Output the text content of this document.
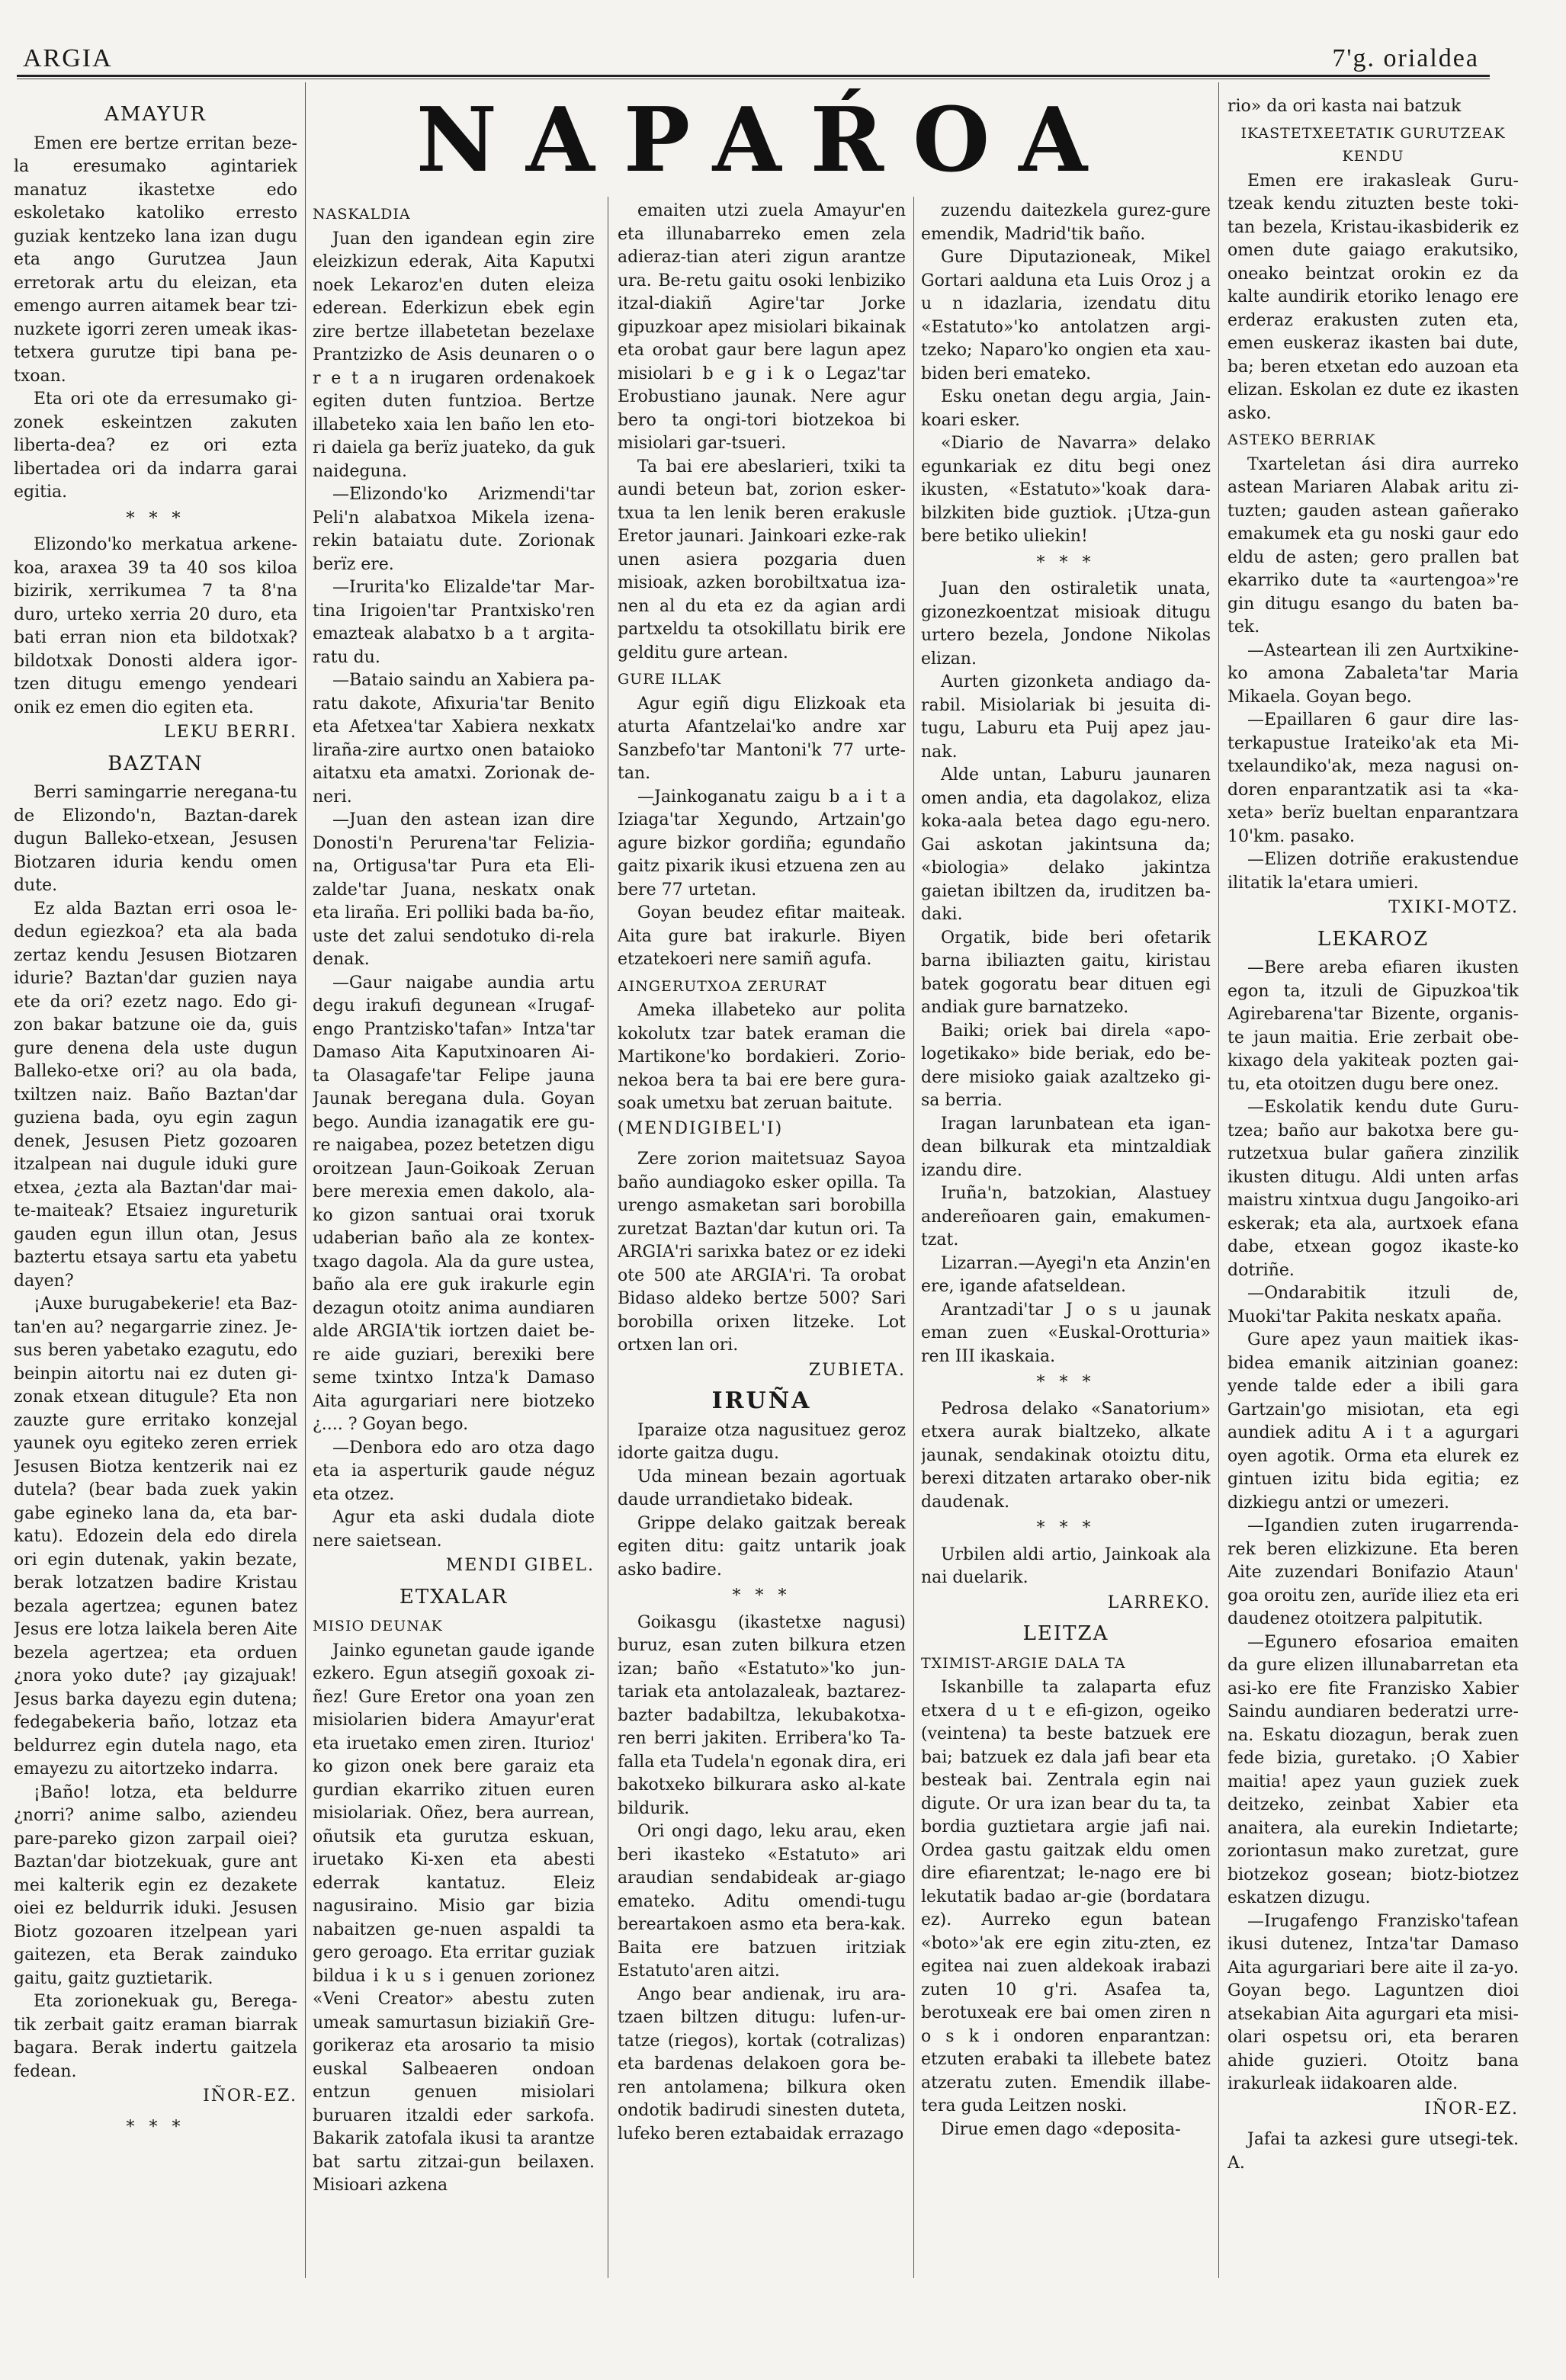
ARGIA	7'g. orialdea
NAPAŔOA
AMAYUR

Emen ere bertze erritan beze-la eresumako agintariek manatuz ikastetxe edo eskoletako katoliko erresto guziak kentzeko lana izan dugu eta ango Gurutzea Jaun erretorak artu du eleizan, eta emengo aurren aitamek bear tzi-nuzkete igorri zeren umeak ikas-tetxera gurutze tipi bana pe-txoan.

Eta ori ote da erresumako gi-zonek eskeintzen zakuten liberta-dea? ez ori ezta libertadea ori da indarra garai egitia.

* * *

Elizondo'ko merkatua arkene-koa, araxea 39 ta 40 sos kiloa bizirik, xerrikumea 7 ta 8'na duro, urteko xerria 20 duro, eta bati erran nion eta bildotxak? bildotxak Donosti aldera igor-tzen ditugu emengo yendeari onik ez emen dio egiten eta.

LEKU BERRI.

BAZTAN

Berri samingarrie neregana-tu de Elizondo'n, Baztan-darek dugun Balleko-etxean, Jesusen Biotzaren iduria kendu omen dute.

Ez alda Baztan erri osoa le-dedun egiezkoa? eta ala bada zertaz kendu Jesusen Biotzaren idurie? Baztan'dar guzien naya ete da ori? ezetz nago. Edo gi-zon bakar batzune oie da, guis gure denena dela uste dugun Balleko-etxe ori? au ola bada, txiltzen naiz. Baño Baztan'dar guziena bada, oyu egin zagun denek, Jesusen Pietz gozoaren itzalpean nai dugule iduki gure etxea, ¿ezta ala Baztan'dar mai-te-maiteak? Etsaiez ingureturik gauden egun illun otan, Jesus baztertu etsaya sartu eta yabetu dayen?

¡Auxe burugabekerie! eta Baz-tan'en au? negargarrie zinez. Je-sus beren yabetako ezagutu, edo beinpin aitortu nai ez duten gi-zonak etxean ditugule? Eta non zauzte gure erritako konzejal yaunek oyu egiteko zeren erriek Jesusen Biotza kentzerik nai ez dutela? (bear bada zuek yakin gabe egineko lana da, eta bar-katu). Edozein dela edo direla ori egin dutenak, yakin bezate, berak lotzatzen badire Kristau bezala agertzea; egunen batez Jesus ere lotza laikela beren Aite bezela agertzea; eta orduen ¿nora yoko dute? ¡ay gizajuak! Jesus barka dayezu egin dutena; fedegabekeria baño, lotzaz eta beldurrez egin dutela nago, eta emayezu zu aitortzeko indarra.

¡Baño! lotza, eta beldurre ¿norri? anime salbo, aziendeu pare-pareko gizon zarpail oiei? Baztan'dar biotzekuak, gure ant mei kalterik egin ez dezakete oiei ez beldurrik iduki. Jesusen Biotz gozoaren itzelpean yari gaitezen, eta Berak zainduko gaitu, gaitz guztietarik.

Eta zorionekuak gu, Berega-tik zerbait gaitz eraman biarrak bagara. Berak indertu gaitzela fedean.

IÑOR-EZ.

* * *

NASKALDIA

Juan den igandean egin zire eleizkizun ederak, Aita Kaputxi noek Lekaroz'en duten eleiza ederean. Ederkizun ebek egin zire bertze illabetetan bezelaxe Prantzizko de Asis deunaren o o r e t a n irugaren ordenakoek egiten duten funtzioa. Bertze illabeteko xaia len baño len eto-ri daiela ga berïz juateko, da guk naideguna.

—Elizondo'ko Arizmendi'tar Peli'n alabatxoa Mikela izena-rekin bataiatu dute. Zorionak berïz ere.

—Irurita'ko Elizalde'tar Mar-tina Irigoien'tar Prantxisko'ren emazteak alabatxo b a t argita-ratu du.

—Bataio saindu an Xabiera pa-ratu dakote, Afixuria'tar Benito eta Afetxea'tar Xabiera nexkatx liraña-zire aurtxo onen bataioko aitatxu eta amatxi. Zorionak de-neri.

—Juan den astean izan dire Donosti'n Perurena'tar Felizia-na, Ortigusa'tar Pura eta Eli-zalde'tar Juana, neskatx onak eta liraña. Eri polliki bada ba-ño, uste det zalui sendotuko di-rela denak.

—Gaur naigabe aundia artu degu irakufi degunean «Irugaf-engo Prantzisko'tafan» Intza'tar Damaso Aita Kaputxinoaren Ai-ta Olasagafe'tar Felipe jauna Jaunak beregana dula. Goyan bego. Aundia izanagatik ere gu-re naigabea, pozez betetzen digu oroitzean Jaun-Goikoak Zeruan bere merexia emen dakolo, ala-ko gizon santuai orai txoruk udaberian baño ala ze kontex-txago dagola. Ala da gure ustea, baño ala ere guk irakurle egin dezagun otoitz anima aundiaren alde ARGIA'tik iortzen daiet be-re aide guziari, berexiki bere seme txintxo Intza'k Damaso Aita agurgariari nere biotzeko ¿.... ? Goyan bego.

—Denbora edo aro otza dago eta ia asperturik gaude néguz eta otzez.

Agur eta aski dudala diote nere saietsean.

MENDI GIBEL.

ETXALAR
MISIO DEUNAK

Jainko egunetan gaude igande ezkero. Egun atsegiñ goxoak zi-ñez! Gure Eretor ona yoan zen misiolarien bidera Amayur'erat eta iruetako emen ziren. Iturioz' ko gizon onek bere garaiz eta gurdian ekarriko zituen euren misiolariak. Oñez, bera aurrean, oñutsik eta gurutza eskuan, iruetako Ki-xen eta abesti ederrak kantatuz. Eleiz nagusiraino. Misio gar bizia nabaitzen ge-nuen aspaldi ta gero geroago. Eta erritar guziak bildua i k u s i genuen zorionez «Veni Creator» abestu zuten umeak samurtasun biziakiñ Gre-gorikeraz eta arosario ta misio euskal Salbeaeren ondoan entzun genuen misiolari buruaren itzaldi eder sarkofa. Bakarik zatofala ikusi ta arantze bat sartu zitzai-gun beilaxen. Misioari azkena

emaiten utzi zuela Amayur'en eta illunabarreko emen zela adieraz-tian ateri zigun arantze ura. Be-retu gaitu osoki lenbiziko itzal-diakiñ Agire'tar Jorke gipuzkoar apez misiolari bikainak eta orobat gaur bere lagun apez misiolari b e g i k o Legaz'tar Erobustiano jaunak. Nere agur bero ta ongi-tori biotzekoa bi misiolari gar-tsueri.

Ta bai ere abeslarieri, txiki ta aundi beteun bat, zorion esker-txua ta len lenik beren erakusle Eretor jaunari. Jainkoari ezke-rak unen asiera pozgaria duen misioak, azken borobiltxatua iza-nen al du eta ez da agian ardi partxeldu ta otsokillatu birik ere gelditu gure artean.

GURE ILLAK

Agur egiñ digu Elizkoak eta aturta Afantzelai'ko andre xar Sanzbefo'tar Mantoni'k 77 urte-tan.

—Jainkoganatu zaigu b a i t a Iziaga'tar Xegundo, Artzain'go agure bizkor gordiña; egundaño gaitz pixarik ikusi etzuena zen au bere 77 urtetan.

Goyan beudez efitar maiteak. Aita gure bat irakurle. Biyen etzatekoeri nere samiñ agufa.

AINGERUTXOA ZERURAT

Ameka illabeteko aur polita kokolutx tzar batek eraman die Martikone'ko bordakieri. Zorio-nekoa bera ta bai ere bere gura-soak umetxu bat zeruan baitute.

(MENDIGIBEL'I)

Zere zorion maitetsuaz Sayoa baño aundiagoko esker opilla. Ta urengo asmaketan sari borobilla zuretzat Baztan'dar kutun ori. Ta ARGIA'ri sarixka batez or ez ideki ote 500 ate ARGIA'ri. Ta orobat Bidaso aldeko bertze 500? Sari borobilla orixen litzeke. Lot ortxen lan ori.

ZUBIETA.

IRUÑA

Iparaize otza nagusituez geroz idorte gaitza dugu.

Uda minean bezain agortuak daude urrandietako bideak.

Grippe delako gaitzak bereak egiten ditu: gaitz untarik joak asko badire.

* * *

Goikasgu (ikastetxe nagusi) buruz, esan zuten bilkura etzen izan; baño «Estatuto»'ko jun-tariak eta antolazaleak, baztarez-bazter badabiltza, lekubakotxa-ren berri jakiten. Erribera'ko Ta-falla eta Tudela'n egonak dira, eri bakotxeko bilkurara asko al-kate bildurik.

Ori ongi dago, leku arau, eken beri ikasteko «Estatuto» ari araudian sendabideak ar-giago emateko. Aditu omendi-tugu bereartakoen asmo eta bera-kak. Baita ere batzuen iritziak Estatuto'aren aitzi.

Ango bear andienak, iru ara-tzaen biltzen ditugu: lufen-ur-tatze (riegos), kortak (cotralizas) eta bardenas delakoen gora be-ren antolamena; bilkura oken ondotik badirudi sinesten duteta, lufeko beren eztabaidak errazago

zuzendu daitezkela gurez-gure emendik, Madrid'tik baño.

Gure Diputazioneak, Mikel Gortari aalduna eta Luis Oroz j a u n idazlaria, izendatu ditu «Estatuto»'ko antolatzen argi-tzeko; Naparo'ko ongien eta xau-biden beri emateko.

Esku onetan degu argia, Jain-koari esker.

«Diario de Navarra» delako egunkariak ez ditu begi onez ikusten, «Estatuto»'koak dara-bilzkiten bide guztiok. ¡Utza-gun bere betiko uliekin!

* * *

Juan den ostiraletik unata, gizonezkoentzat misioak ditugu urtero bezela, Jondone Nikolas elizan.

Aurten gizonketa andiago da-rabil. Misiolariak bi jesuita di-tugu, Laburu eta Puij apez jau-nak.

Alde untan, Laburu jaunaren omen andia, eta dagolakoz, eliza koka-aala betea dago egu-nero. Gai askotan jakintsuna da; «biologia» delako jakintza gaietan ibiltzen da, iruditzen ba-daki.

Orgatik, bide beri ofetarik barna ibiliazten gaitu, kiristau batek gogoratu bear dituen egi andiak gure barnatzeko.

Baiki; oriek bai direla «apo-logetikako» bide beriak, edo be-dere misioko gaiak azaltzeko gi-sa berria.

Iragan larunbatean eta igan-dean bilkurak eta mintzaldiak izandu dire.

Iruña'n, batzokian, Alastuey andereñoaren gain, emakumen-tzat.

Lizarran.—Ayegi'n eta Anzin'en ere, igande afatseldean.

Arantzadi'tar J o s u jaunak eman zuen «Euskal-Orotturia» ren III ikaskaia.

* * *

Pedrosa delako «Sanatorium» etxera aurak bialtzeko, alkate jaunak, sendakinak otoiztu ditu, berexi ditzaten artarako ober-nik daudenak.

* * *

Urbilen aldi artio, Jainkoak ala nai duelarik.

LARREKO.

LEITZA
TXIMIST-ARGIE DALA TA

Iskanbille ta zalaparta efuz etxera d u t e efi-gizon, ogeiko (veintena) ta beste batzuek ere bai; batzuek ez dala jafi bear eta besteak bai. Zentrala egin nai digute. Or ura izan bear du ta, ta bordia guztietara argie jafi nai. Ordea gastu gaitzak eldu omen dire efiarentzat; le-nago ere bi lekutatik badao ar-gie (bordatara ez). Aurreko egun batean «boto»'ak ere egin zitu-zten, ez egitea nai zuen aldekoak irabazi zuten 10 g'ri. Asafea ta, berotuxeak ere bai omen ziren n o s k i ondoren enparantzan: etzuten erabaki ta illebete batez atzeratu zuten. Emendik illabe-tera guda Leitzen noski.

Dirue emen dago «deposita-

rio» da ori kasta nai batzuk

IKASTETXEETATIK GURUTZEAK KENDU

Emen ere irakasleak Guru-tzeak kendu zituzten beste toki-tan bezela, Kristau-ikasbiderik ez omen dute gaiago erakutsiko, oneako beintzat orokin ez da kalte aundirik etoriko lenago ere erderaz erakusten zuten eta, emen euskeraz ikasten bai dute, ba; beren etxetan edo auzoan eta elizan. Eskolan ez dute ez ikasten asko.

ASTEKO BERRIAK

Txarteletan ási dira aurreko astean Mariaren Alabak aritu zi-tuzten; gauden astean gañerako emakumek eta gu noski gaur edo eldu de asten; gero prallen bat ekarriko dute ta «aurtengoa»'re gin ditugu esango du baten ba-tek.

—Asteartean ili zen Aurtxikine-ko amona Zabaleta'tar Maria Mikaela. Goyan bego.

—Epaillaren 6 gaur dire las-terkapustue Irateiko'ak eta Mi-txelaundiko'ak, meza nagusi on-doren enparantzatik asi ta «ka-xeta» berïz bueltan enparantzara 10'km. pasako.

—Elizen dotriñe erakustendue ilitatik la'etara umieri.

TXIKI-MOTZ.

LEKAROZ

—Bere areba efiaren ikusten egon ta, itzuli de Gipuzkoa'tik Agirebarena'tar Bizente, organis-te jaun maitia. Erie zerbait obe-kixago dela yakiteak pozten gai-tu, eta otoitzen dugu bere onez.

—Eskolatik kendu dute Guru-tzea; baño aur bakotxa bere gu-rutzetxua bular gañera zinzilik ikusten ditugu. Aldi unten arfas maistru xintxua dugu Jangoiko-ari eskerak; eta ala, aurtxoek efana dabe, etxean gogoz ikaste-ko dotriñe.

—Ondarabitik itzuli de, Muoki'tar Pakita neskatx apaña.

Gure apez yaun maitiek ikas-bidea emanik aitzinian goanez: yende talde eder a ibili gara Gartzain'go misiotan, eta egi aundiek aditu A i t a agurgari oyen agotik. Orma eta elurek ez gintuen izitu bida egitia; ez dizkiegu antzi or umezeri.

—Igandien zuten irugarrenda-rek beren elizkizune. Eta beren Aite zuzendari Bonifazio Ataun' goa oroitu zen, aurïde iliez eta eri daudenez otoitzera palpitutik.

—Egunero efosarioa emaiten da gure elizen illunabarretan eta asi-ko ere fite Franzisko Xabier Saindu aundiaren bederatzi urre-na. Eskatu diozagun, berak zuen fede bizia, guretako. ¡O Xabier maitia! apez yaun guziek zuek deitzeko, zeinbat Xabier eta anaitera, ala eurekin Indietarte; zoriontasun mako zuretzat, gure biotzekoz gosean; biotz-biotzez eskatzen dizugu.

—Irugafengo Franzisko'tafean ikusi dutenez, Intza'tar Damaso Aita agurgariari bere aite il za-yo. Goyan bego. Laguntzen dioi atsekabian Aita agurgari eta misi-olari ospetsu ori, eta beraren ahide guzieri. Otoitz bana irakurleak iidakoaren alde.

IÑOR-EZ.

Jafai ta azkesi gure utsegi-tek. A.
